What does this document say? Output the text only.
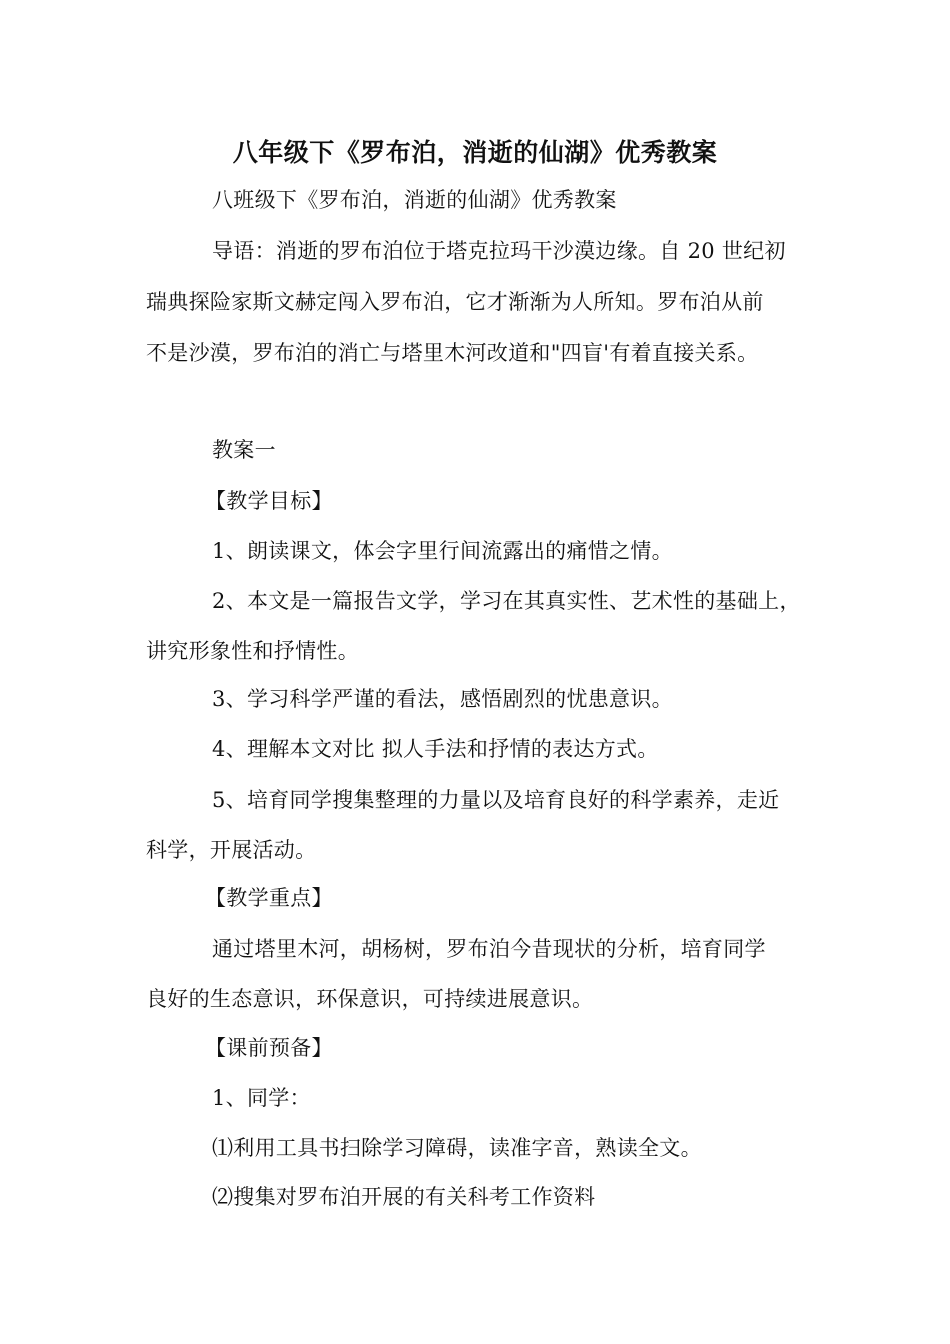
八年级下《罗布泊，消逝的仙湖》优秀教案
八班级下《罗布泊，消逝的仙湖》优秀教案
导语：消逝的罗布泊位于塔克拉玛干沙漠边缘。自 20 世纪初
瑞典探险家斯文赫定闯入罗布泊，它才渐渐为人所知。罗布泊从前
不是沙漠，罗布泊的消亡与塔里木河改道和"四盲'有着直接关系。
教案一
【教学目标】
1、朗读课文，体会字里行间流露出的痛惜之情。
2、本文是一篇报告文学，学习在其真实性、艺术性的基础上，
讲究形象性和抒情性。
3、学习科学严谨的看法，感悟剧烈的忧患意识。
4、理解本文对比 拟人手法和抒情的表达方式。
5、培育同学搜集整理的力量以及培育良好的科学素养，走近
科学，开展活动。
【教学重点】
通过塔里木河，胡杨树，罗布泊今昔现状的分析，培育同学
良好的生态意识，环保意识，可持续进展意识。
【课前预备】
1、同学：
⑴利用工具书扫除学习障碍，读准字音，熟读全文。
⑵搜集对罗布泊开展的有关科考工作资料
